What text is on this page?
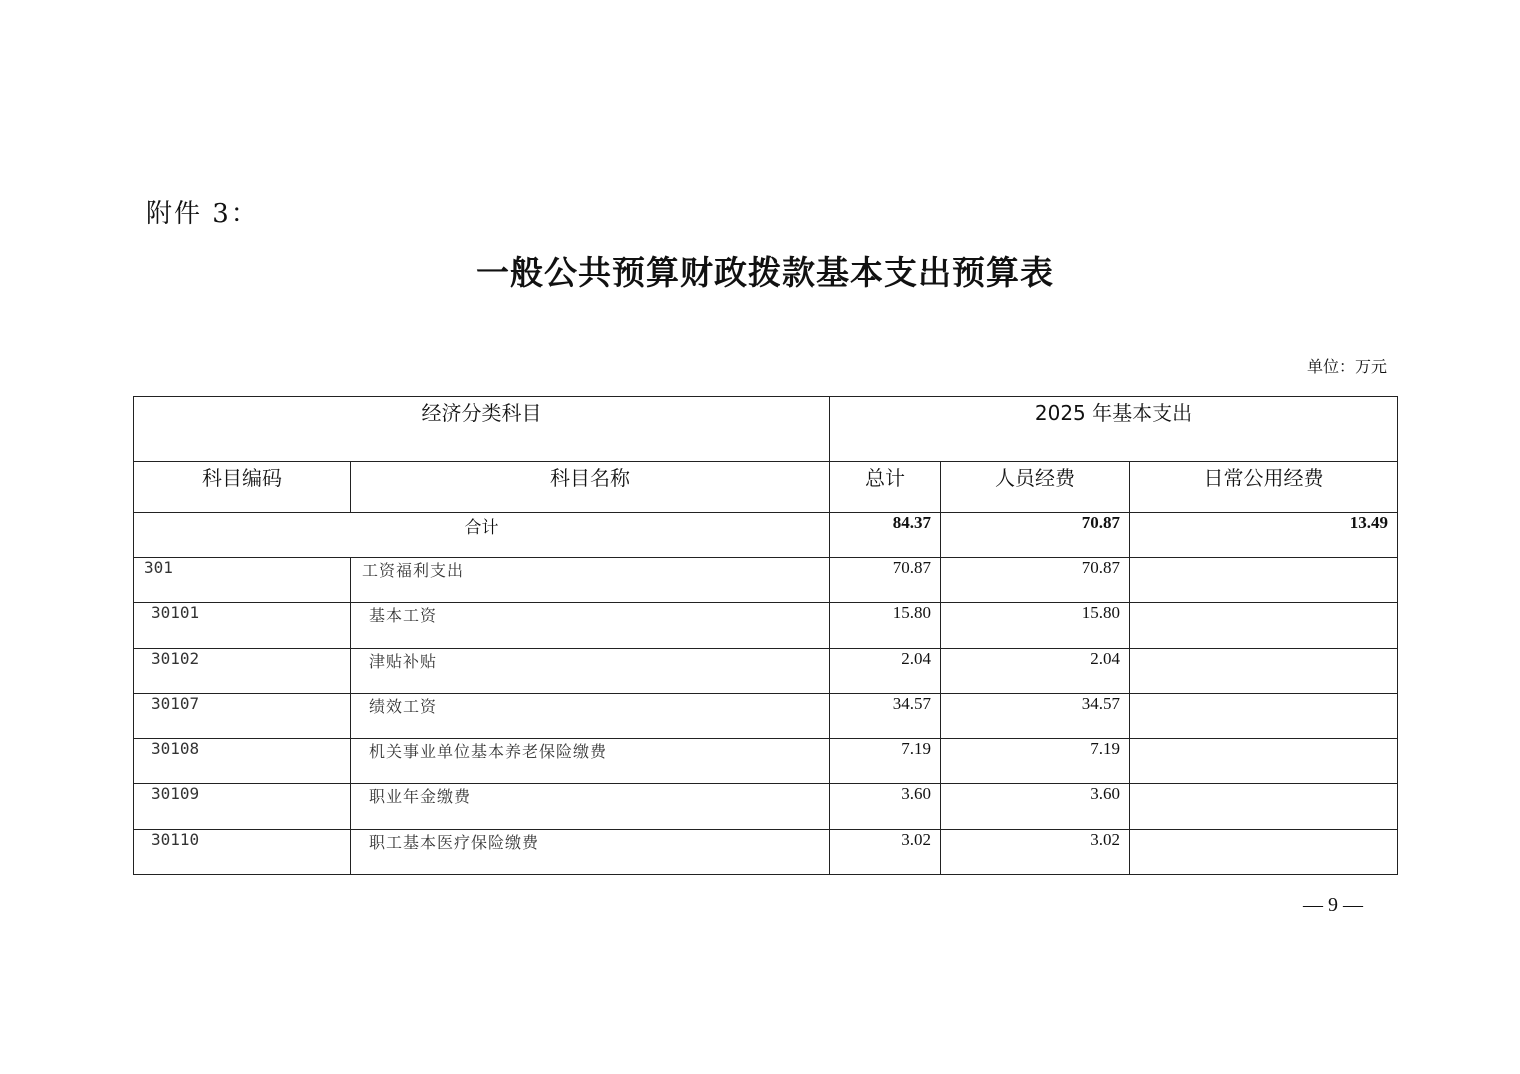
附件 3：
一般公共预算财政拨款基本支出预算表
单位：万元
经济分类科目		2025 年基本支出		
科目编码	科目名称	总计	人员经费	日常公用经费
合计		84.37	70.87	13.49
301	工资福利支出	70.87	70.87	
30101	基本工资	15.80	15.80	
30102	津贴补贴	2.04	2.04	
30107	绩效工资	34.57	34.57	
30108	机关事业单位基本养老保险缴费	7.19	7.19	
30109	职业年金缴费	3.60	3.60	
30110	职工基本医疗保险缴费	3.02	3.02	
— 9 —
